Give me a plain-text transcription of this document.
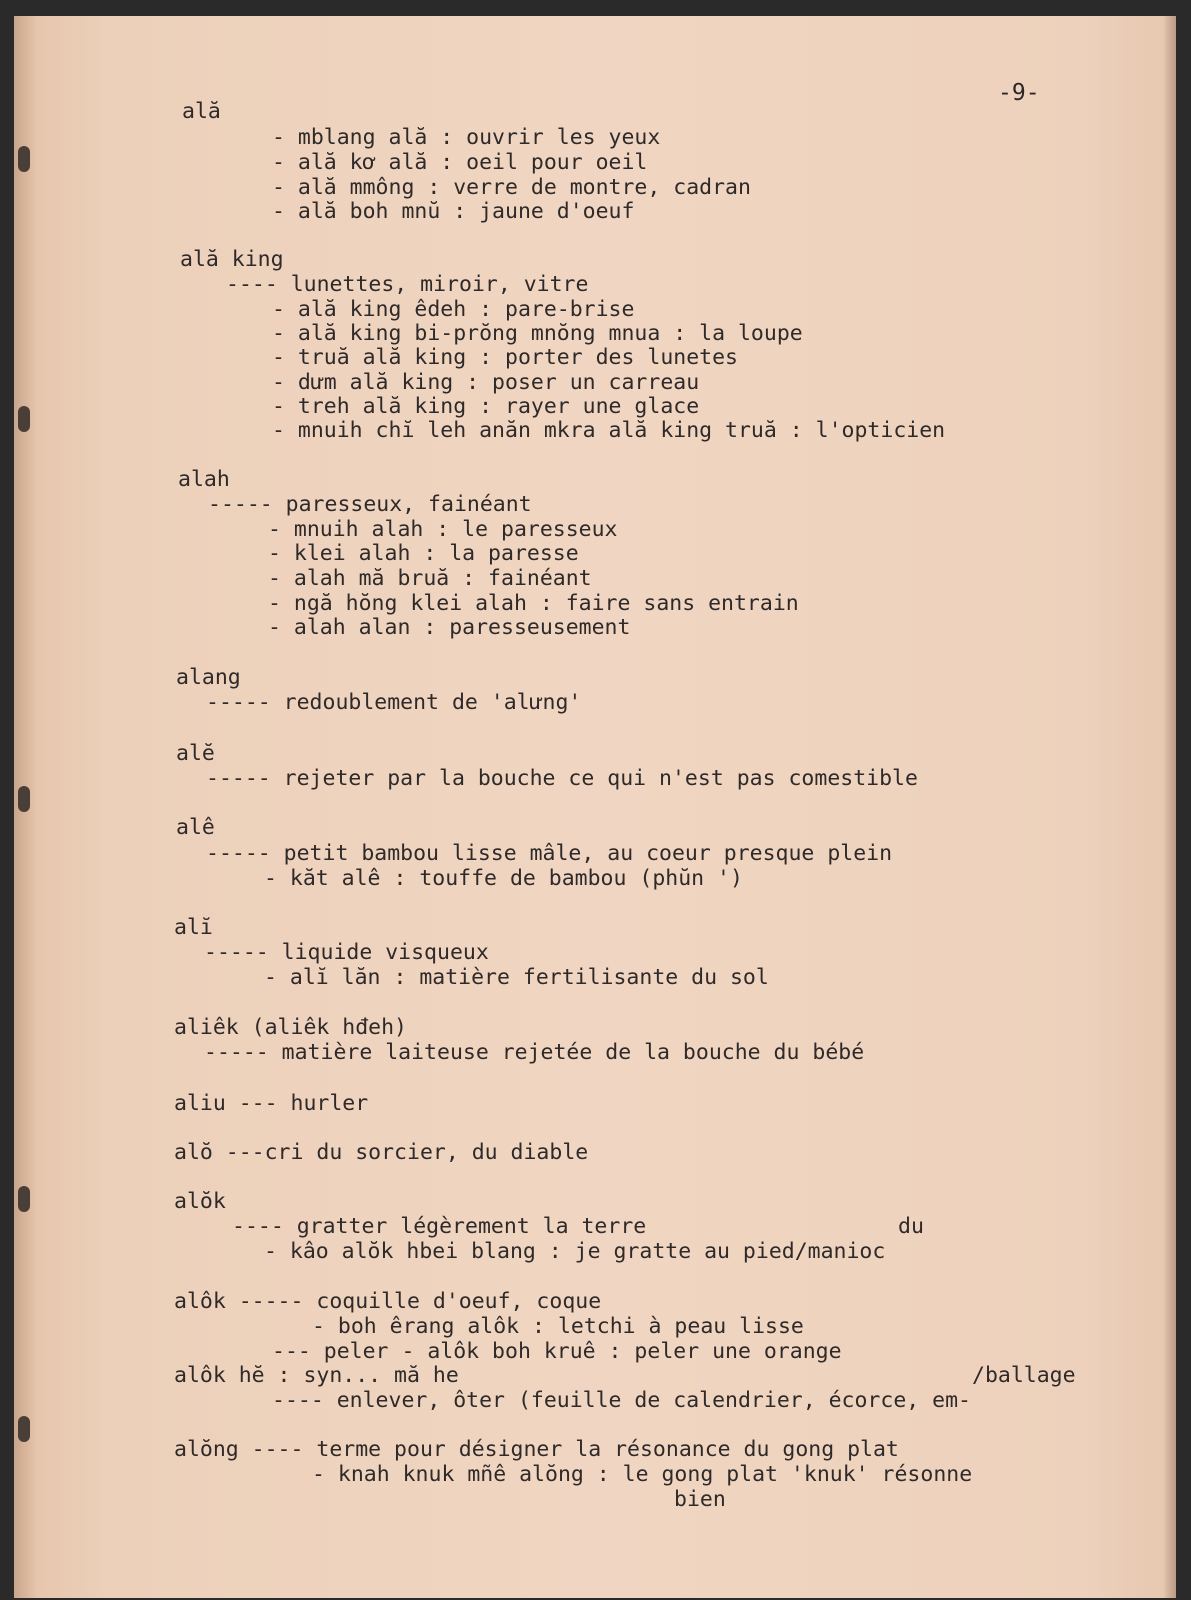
-9-

ală

- mblang ală : ouvrir les yeux

- ală kơ ală : oeil pour oeil

- ală mmông : verre de montre, cadran

- ală boh mnŭ : jaune d'oeuf

ală king

---- lunettes, miroir, vitre

- ală king êdeh : pare-brise

- ală king bi-prŏng mnŏng mnua : la loupe

- truă ală king : porter des lunetes

- dưm ală king : poser un carreau

- treh ală king : rayer une glace

- mnuih chĭ leh anăn mkra ală king truă : l'opticien

alah

----- paresseux, fainéant

- mnuih alah : le paresseux

- klei alah : la paresse

- alah mă bruă : fainéant

- ngă hŏng klei alah : faire sans entrain

- alah alan : paresseusement

alang

----- redoublement de 'alưng'

alĕ

----- rejeter par la bouche ce qui n'est pas comestible

alê

----- petit bambou lisse mâle, au coeur presque plein

- kăt alê : touffe de bambou (phŭn ')

alĭ

----- liquide visqueux

- alĭ lăn : matière fertilisante du sol

aliêk (aliêk hđeh)

----- matière laiteuse rejetée de la bouche du bébé

aliu --- hurler

alŏ ---cri du sorcier, du diable

alŏk

---- gratter légèrement la terre

	du

- kâo alŏk hbei blang : je gratte au pied/manioc

alôk ----- coquille d'oeuf, coque

- boh êrang alôk : letchi à peau lisse

--- peler - alôk boh kruê : peler une orange

alôk hĕ : syn... mă he

	/ballage

---- enlever, ôter (feuille de calendrier, écorce, em-

alŏng ---- terme pour désigner la résonance du gong plat

- knah knuk mñê alŏng : le gong plat 'knuk' résonne

bien
